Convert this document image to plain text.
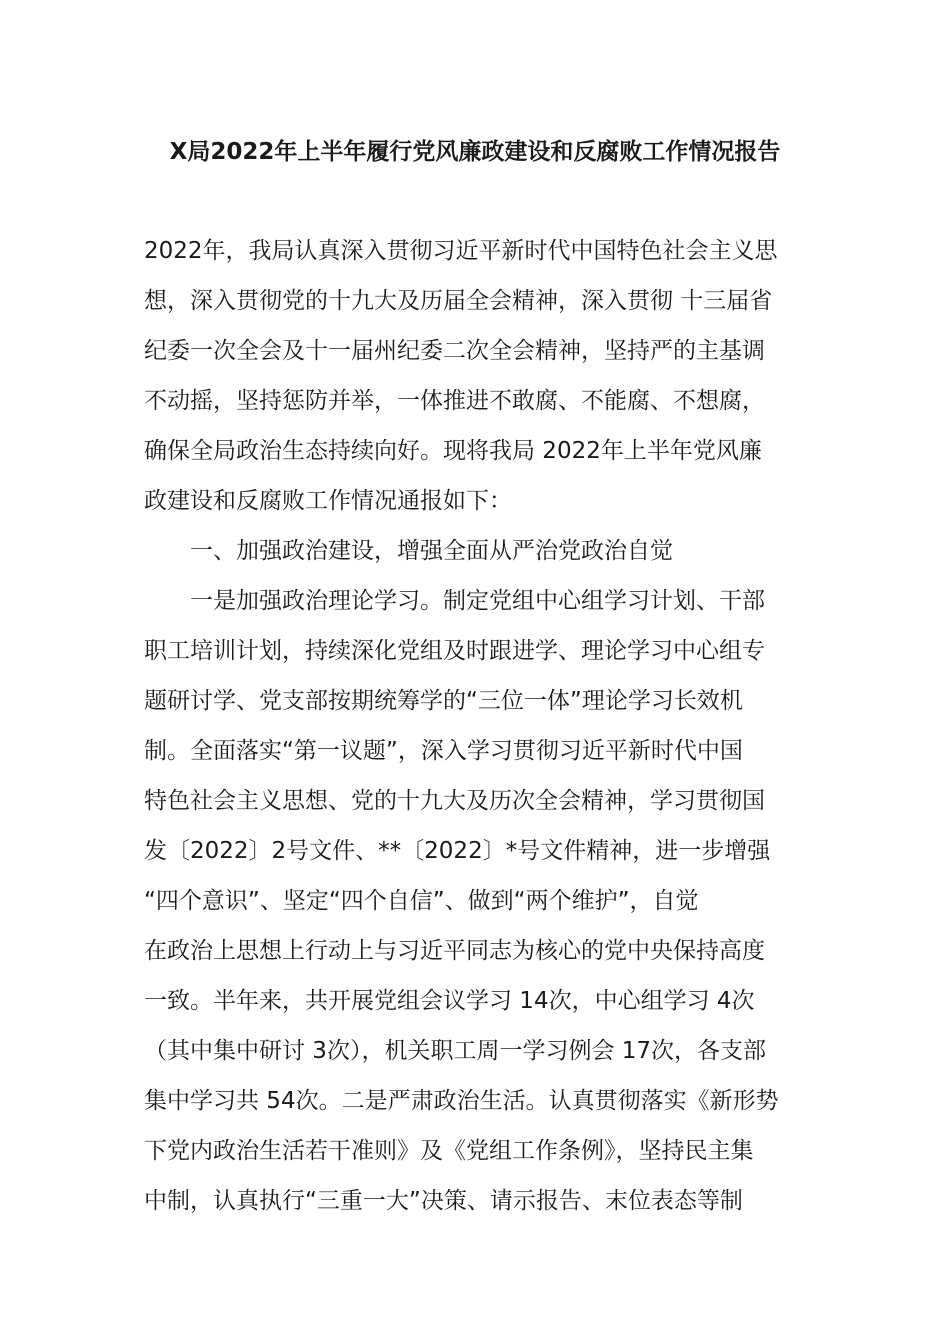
X局2022年上半年履行党风廉政建设和反腐败工作情况报告
2022年，我局认真深入贯彻习近平新时代中国特色社会主义思
想，深入贯彻党的十九大及历届全会精神，深入贯彻 十三届省
纪委一次全会及十一届州纪委二次全会精神，坚持严的主基调
不动摇，坚持惩防并举，一体推进不敢腐、不能腐、不想腐，
确保全局政治生态持续向好。现将我局 2022年上半年党风廉
政建设和反腐败工作情况通报如下：
一、加强政治建设，增强全面从严治党政治自觉
一是加强政治理论学习。制定党组中心组学习计划、干部
职工培训计划，持续深化党组及时跟进学、理论学习中心组专
题研讨学、党支部按期统筹学的“三位一体”理论学习长效机
制。全面落实“第一议题”，深入学习贯彻习近平新时代中国
特色社会主义思想、党的十九大及历次全会精神，学习贯彻国
发〔2022〕2号文件、**〔2022〕*号文件精神，进一步增强
“四个意识”、坚定“四个自信”、做到“两个维护”，自觉
在政治上思想上行动上与习近平同志为核心的党中央保持高度
一致。半年来，共开展党组会议学习 14次，中心组学习 4次
（其中集中研讨 3次），机关职工周一学习例会 17次，各支部
集中学习共 54次。二是严肃政治生活。认真贯彻落实《新形势
下党内政治生活若干准则》及《党组工作条例》，坚持民主集
中制，认真执行“三重一大”决策、请示报告、末位表态等制
